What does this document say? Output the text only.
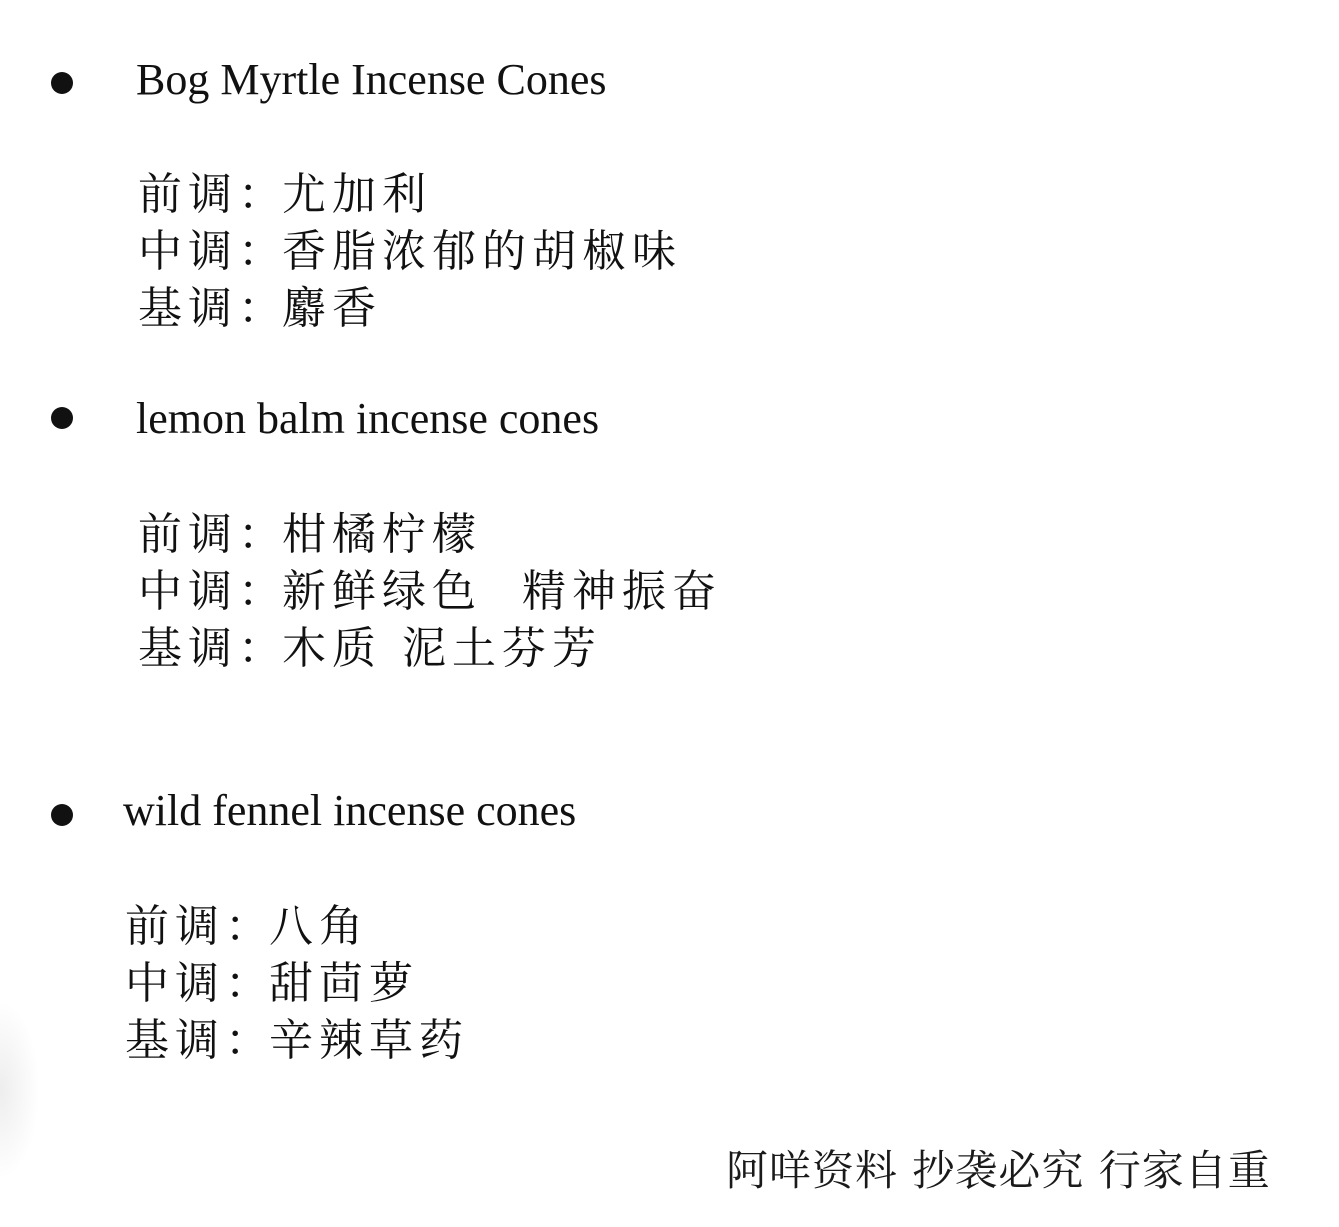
Bog Myrtle Incense Cones
前调：
尤加利
中调：
香脂浓郁的胡椒味
基调：
麝香
lemon balm incense cones
前调：
柑橘柠檬
中调：
新鲜绿色  精神振奋
基调：
木质 泥土芬芳
wild fennel incense cones
前调：
八角
中调：
甜茴萝
基调：
辛辣草药
阿咩资料 抄袭必究 行家自重
